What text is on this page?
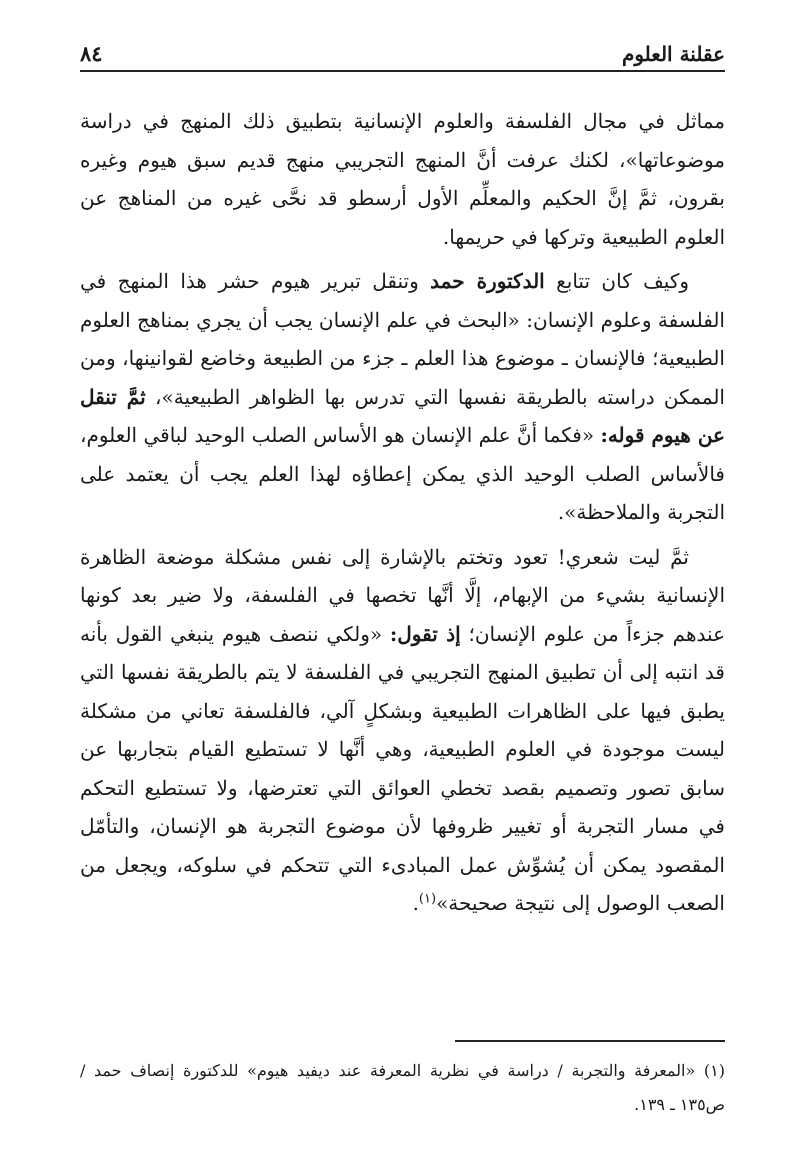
عقلنة العلوم
٨٤

مماثل في مجال الفلسفة والعلوم الإنسانية بتطبيق ذلك المنهج في دراسة موضوعاتها»، لكنك عرفت أنَّ المنهج التجريبي منهج قديم سبق هيوم وغيره بقرون، ثمَّ إنَّ الحكيم والمعلِّم الأول أرسطو قد نحَّى غيره من المناهج عن العلوم الطبيعية وتركها في حريمها.

وكيف كان تتابع الدكتورة حمد وتنقل تبرير هيوم حشر هذا المنهج في الفلسفة وعلوم الإنسان: «البحث في علم الإنسان يجب أن يجري بمناهج العلوم الطبيعية؛ فالإنسان ـ موضوع هذا العلم ـ جزء من الطبيعة وخاضع لقوانينها، ومن الممكن دراسته بالطريقة نفسها التي تدرس بها الظواهر الطبيعية»، ثمَّ تنقل عن هيوم قوله: «فكما أنَّ علم الإنسان هو الأساس الصلب الوحيد لباقي العلوم، فالأساس الصلب الوحيد الذي يمكن إعطاؤه لهذا العلم يجب أن يعتمد على التجربة والملاحظة».

ثمَّ ليت شعري! تعود وتختم بالإشارة إلى نفس مشكلة موضعة الظاهرة الإنسانية بشيء من الإبهام، إلَّا أنَّها تخصها في الفلسفة، ولا ضير بعد كونها عندهم جزءاً من علوم الإنسان؛ إذ تقول: «ولكي ننصف هيوم ينبغي القول بأنه قد انتبه إلى أن تطبيق المنهج التجريبي في الفلسفة لا يتم بالطريقة نفسها التي يطبق فيها على الظاهرات الطبيعية وبشكلٍ آلي، فالفلسفة تعاني من مشكلة ليست موجودة في العلوم الطبيعية، وهي أنَّها لا تستطيع القيام بتجاربها عن سابق تصور وتصميم بقصد تخطي العوائق التي تعترضها، ولا تستطيع التحكم في مسار التجربة أو تغيير ظروفها لأن موضوع التجربة هو الإنسان، والتأمّل المقصود يمكن أن يُشوِّش عمل المبادىء التي تتحكم في سلوكه، ويجعل من الصعب الوصول إلى نتيجة صحيحة»$^{(١)}$.

(١) «المعرفة والتجربة / دراسة في نظرية المعرفة عند ديفيد هيوم» للدكتورة إنصاف حمد / ص١٣٥ ـ ١٣٩.
